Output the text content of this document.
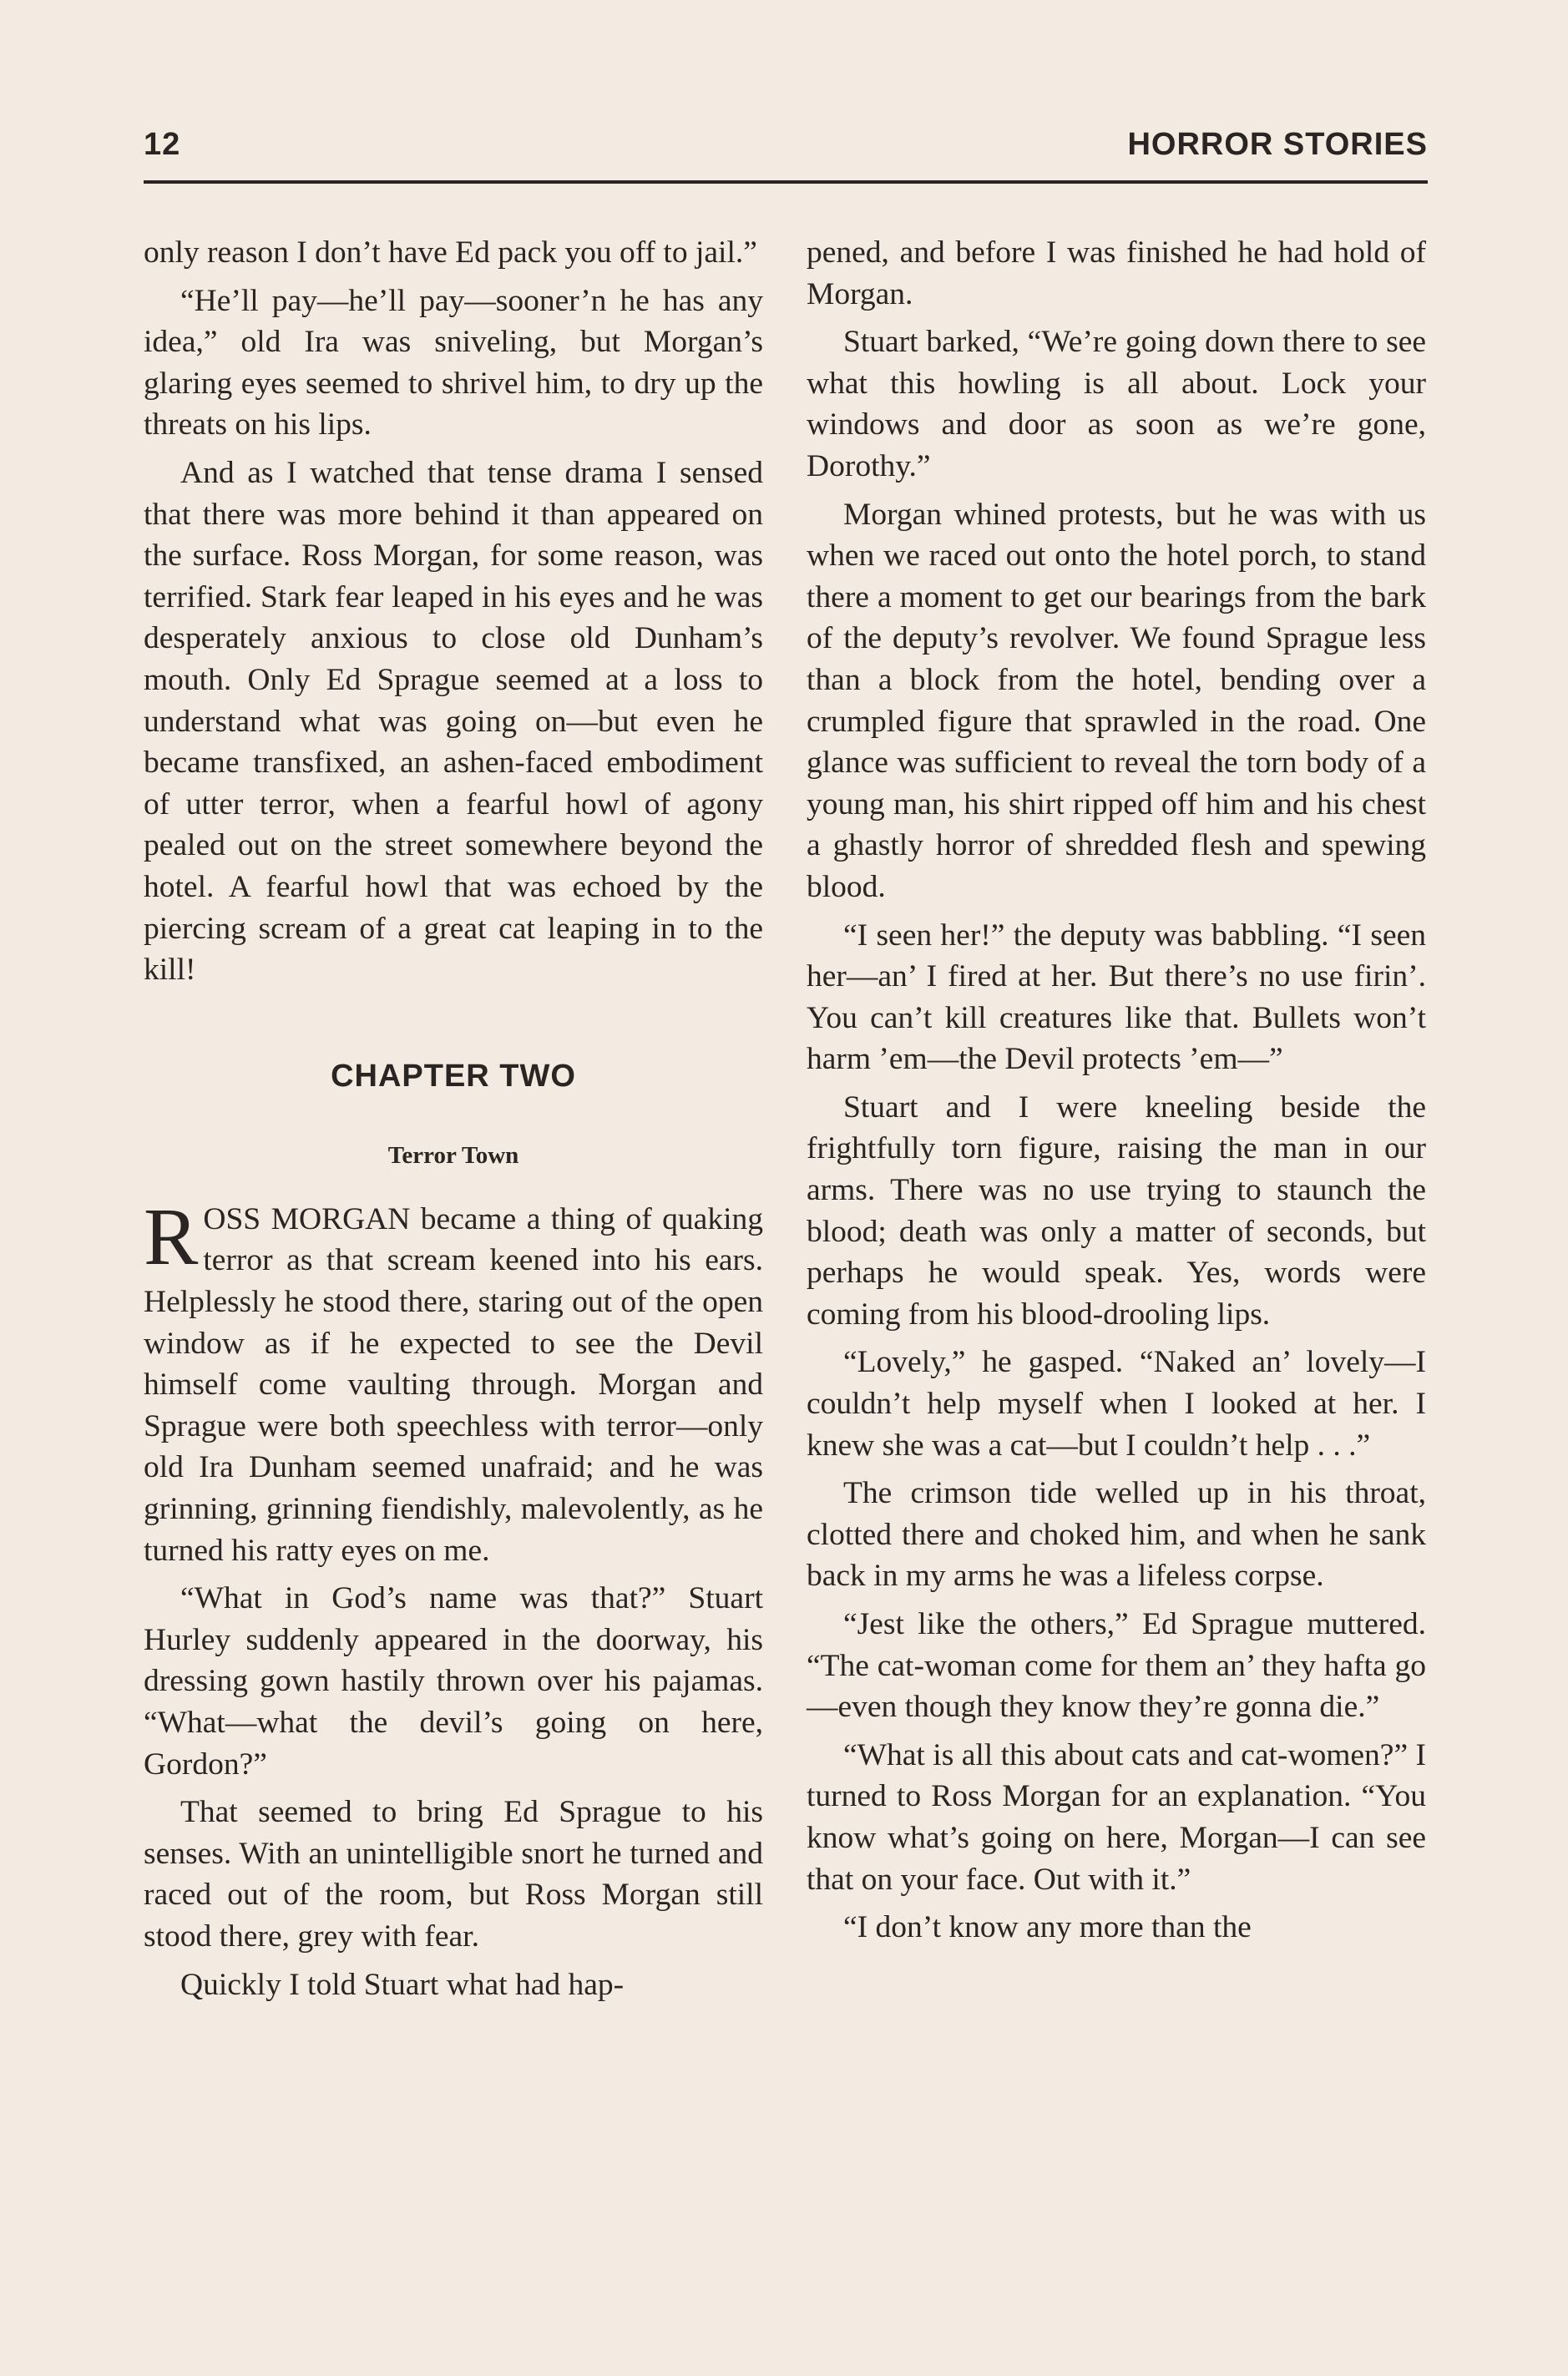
12	HORROR STORIES

only reason I don’t have Ed pack you off to jail.”

“He’ll pay—he’ll pay—sooner’n he has any idea,” old Ira was sniveling, but Morgan’s glaring eyes seemed to shrivel him, to dry up the threats on his lips.

And as I watched that tense drama I sensed that there was more behind it than appeared on the surface. Ross Morgan, for some reason, was terrified. Stark fear leaped in his eyes and he was desperately anxious to close old Dunham’s mouth. Only Ed Sprague seemed at a loss to understand what was going on—but even he became transfixed, an ashen-faced embodiment of utter terror, when a fearful howl of agony pealed out on the street somewhere beyond the hotel. A fearful howl that was echoed by the piercing scream of a great cat leaping in to the kill!

CHAPTER TWO
Terror Town

ROSS MORGAN became a thing of quaking terror as that scream keened into his ears. Helplessly he stood there, staring out of the open window as if he expected to see the Devil himself come vaulting through. Morgan and Sprague were both speechless with terror—only old Ira Dunham seemed unafraid; and he was grinning, grinning fiendishly, malevolently, as he turned his ratty eyes on me.

“What in God’s name was that?” Stuart Hurley suddenly appeared in the doorway, his dressing gown hastily thrown over his pajamas. “What—what the devil’s going on here, Gordon?”

That seemed to bring Ed Sprague to his senses. With an unintelligible snort he turned and raced out of the room, but Ross Morgan still stood there, grey with fear.

Quickly I told Stuart what had hap-

pened, and before I was finished he had hold of Morgan.

Stuart barked, “We’re going down there to see what this howling is all about. Lock your windows and door as soon as we’re gone, Dorothy.”

Morgan whined protests, but he was with us when we raced out onto the hotel porch, to stand there a moment to get our bearings from the bark of the deputy’s revolver. We found Sprague less than a block from the hotel, bending over a crumpled figure that sprawled in the road. One glance was sufficient to reveal the torn body of a young man, his shirt ripped off him and his chest a ghastly horror of shredded flesh and spewing blood.

“I seen her!” the deputy was babbling. “I seen her—an’ I fired at her. But there’s no use firin’. You can’t kill creatures like that. Bullets won’t harm ’em—the Devil protects ’em—”

Stuart and I were kneeling beside the frightfully torn figure, raising the man in our arms. There was no use trying to staunch the blood; death was only a matter of seconds, but perhaps he would speak. Yes, words were coming from his blood-drooling lips.

“Lovely,” he gasped. “Naked an’ lovely—I couldn’t help myself when I looked at her. I knew she was a cat—but I couldn’t help . . .”

The crimson tide welled up in his throat, clotted there and choked him, and when he sank back in my arms he was a lifeless corpse.

“Jest like the others,” Ed Sprague muttered. “The cat-woman come for them an’ they hafta go—even though they know they’re gonna die.”

“What is all this about cats and cat-women?” I turned to Ross Morgan for an explanation. “You know what’s going on here, Morgan—I can see that on your face. Out with it.”

“I don’t know any more than the
